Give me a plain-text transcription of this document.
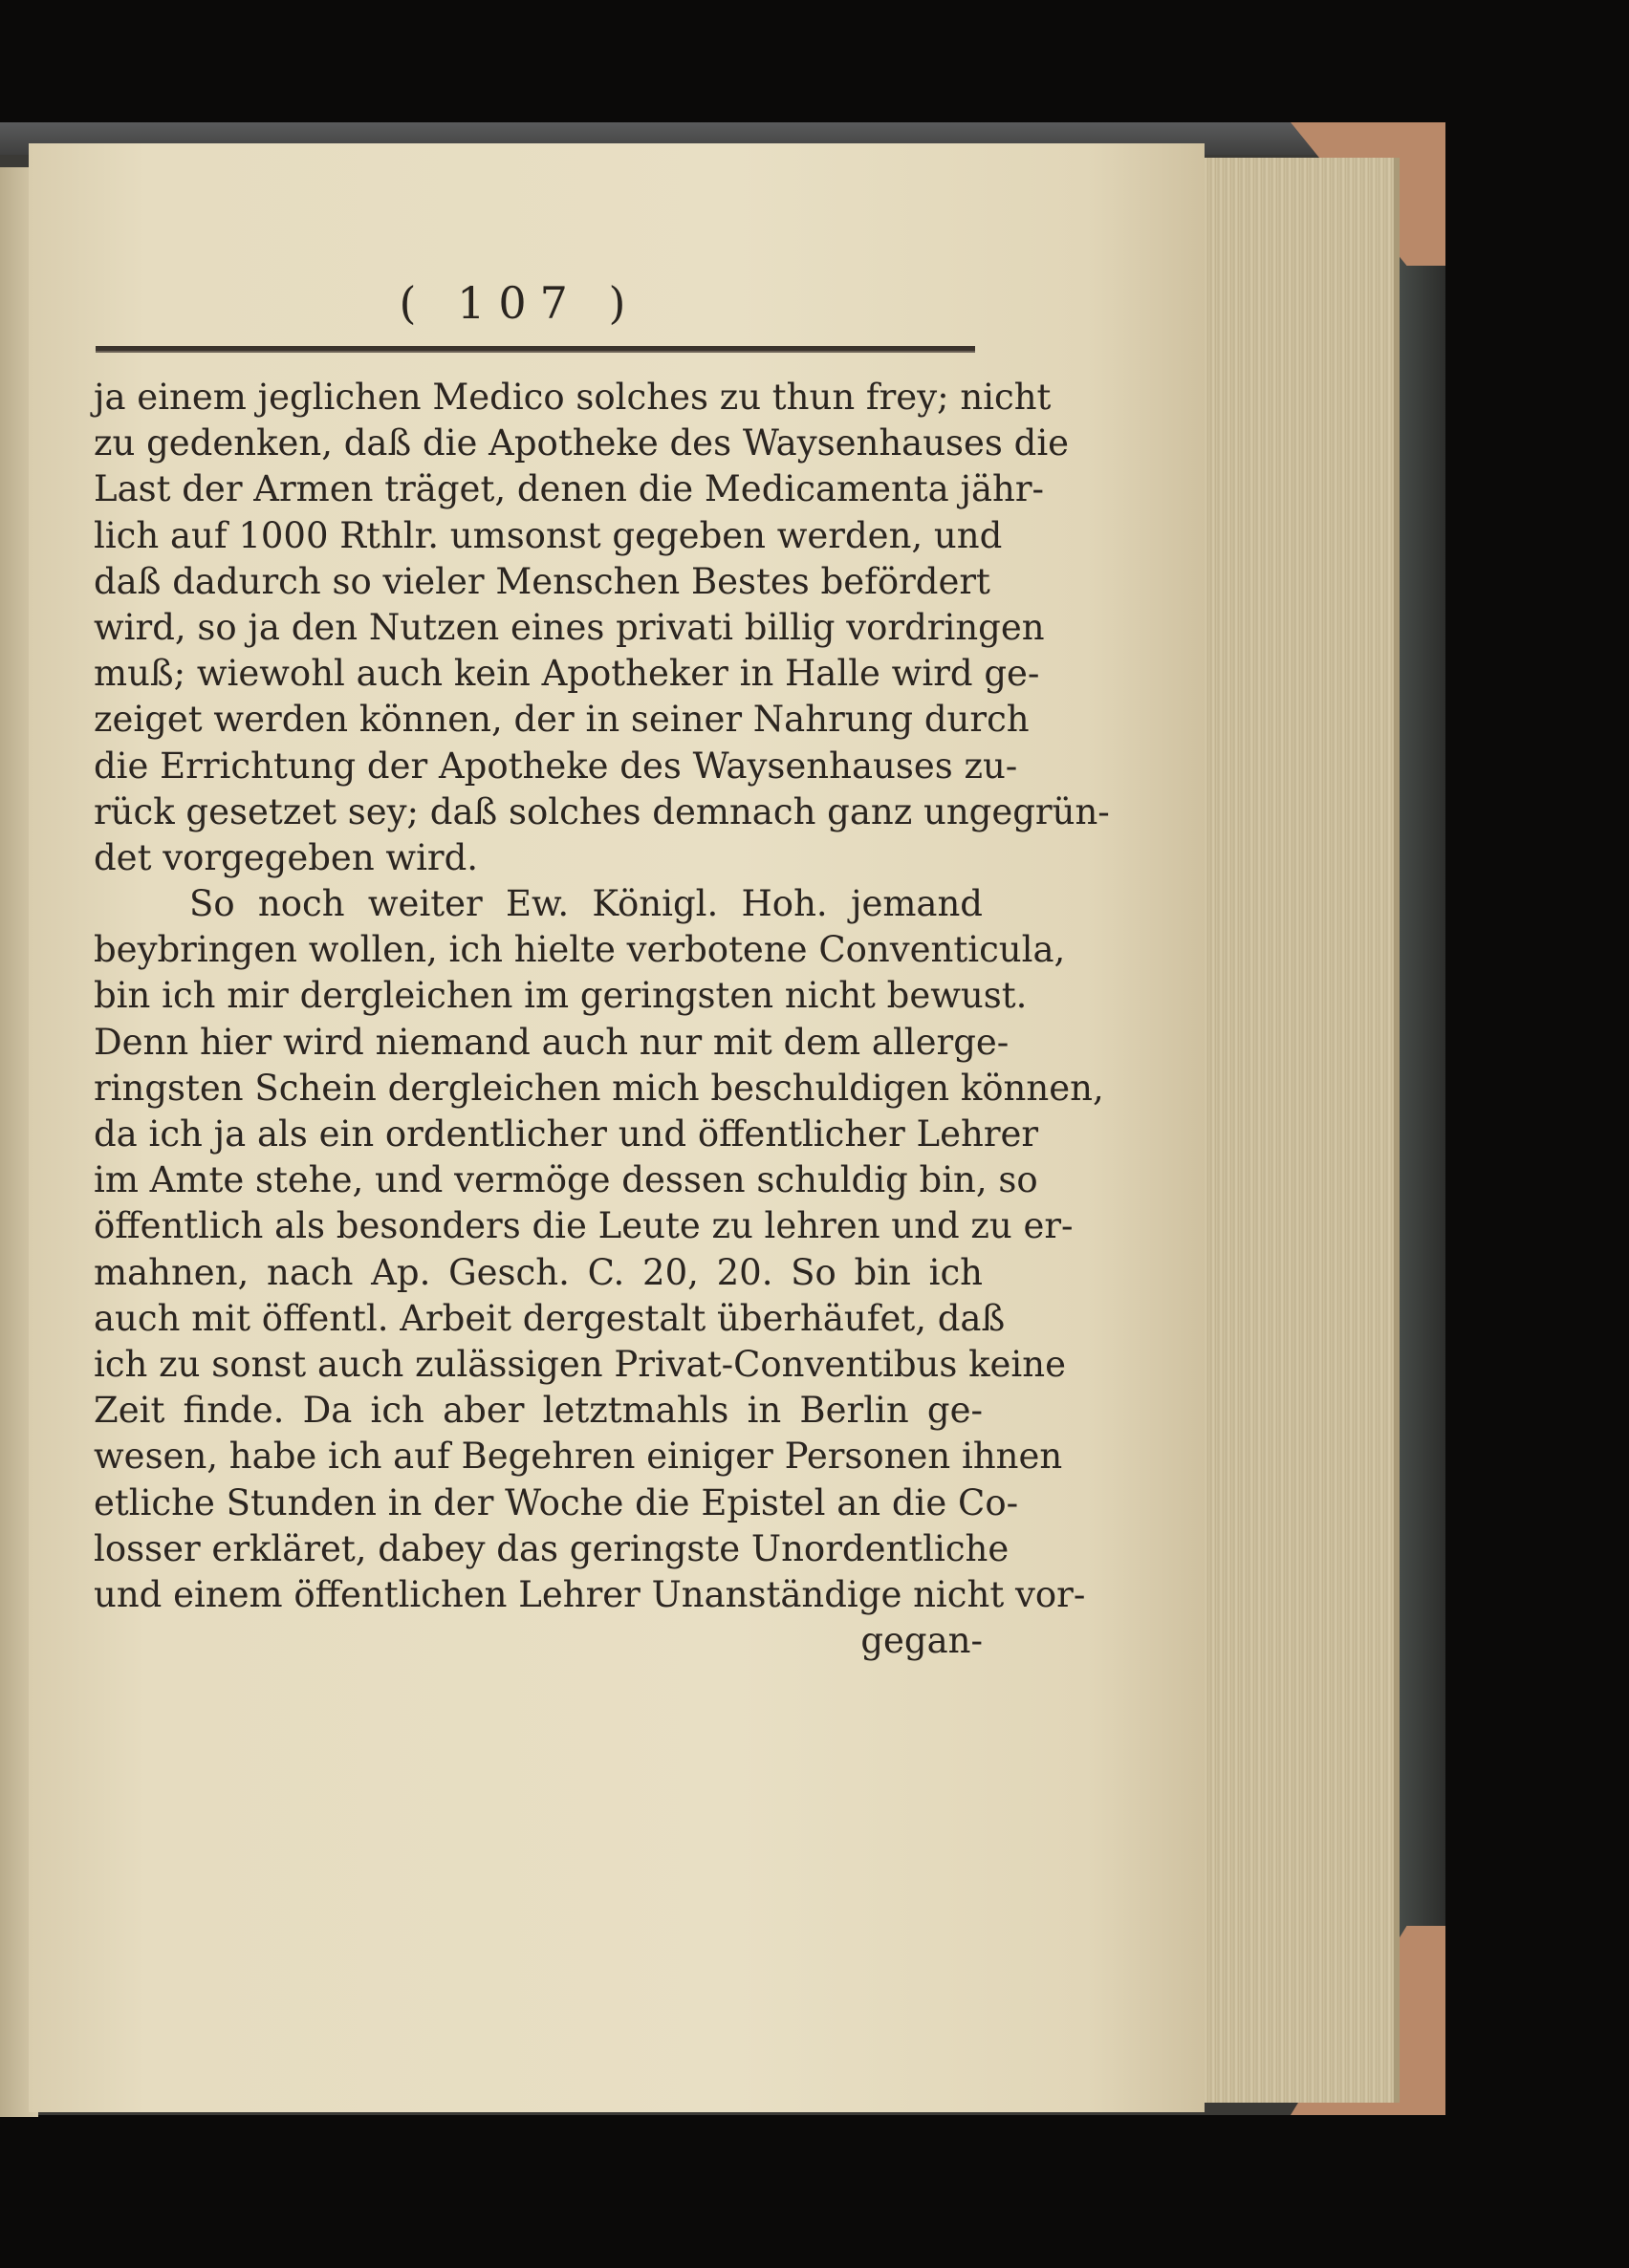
( 107 )
ja einem jeglichen Medico solches zu thun frey; nicht
zu gedenken, daß die Apotheke des Waysenhauses die
Last der Armen träget, denen die Medicamenta jähr-
lich auf 1000 Rthlr. umsonst gegeben werden, und
daß dadurch so vieler Menschen Bestes befördert
wird, so ja den Nutzen eines privati billig vordringen
muß; wiewohl auch kein Apotheker in Halle wird ge-
zeiget werden können, der in seiner Nahrung durch
die Errichtung der Apotheke des Waysenhauses zu-
rück gesetzet sey; daß solches demnach ganz ungegrün-
det vorgegeben wird.
So noch weiter Ew. Königl. Hoh. jemand
beybringen wollen, ich hielte verbotene Conventicula,
bin ich mir dergleichen im geringsten nicht bewust.
Denn hier wird niemand auch nur mit dem allerge-
ringsten Schein dergleichen mich beschuldigen können,
da ich ja als ein ordentlicher und öffentlicher Lehrer
im Amte stehe, und vermöge dessen schuldig bin, so
öffentlich als besonders die Leute zu lehren und zu er-
mahnen, nach Ap. Gesch. C. 20, 20. So bin ich
auch mit öffentl. Arbeit dergestalt überhäufet, daß
ich zu sonst auch zulässigen Privat-Conventibus keine
Zeit finde. Da ich aber letztmahls in Berlin ge-
wesen, habe ich auf Begehren einiger Personen ihnen
etliche Stunden in der Woche die Epistel an die Co-
losser erkläret, dabey das geringste Unordentliche
und einem öffentlichen Lehrer Unanständige nicht vor-
gegan-
